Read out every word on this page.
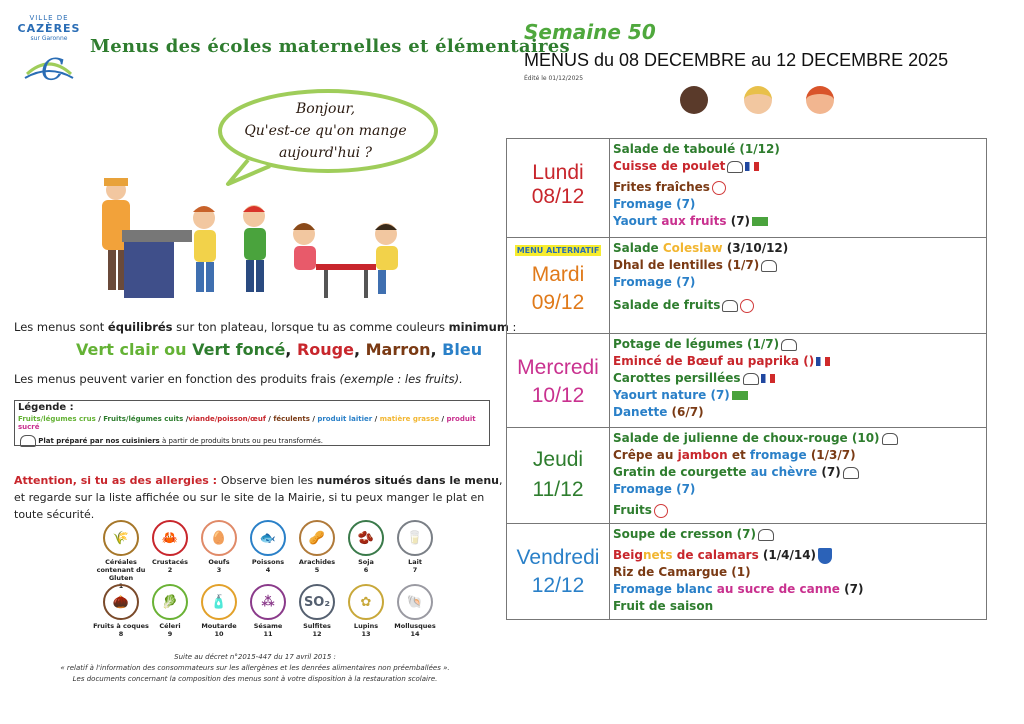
VILLE DE
CAZÈRES
sur Garonne
C
Menus des écoles maternelles et élémentaires
Semaine 50
MENUS du 08 DECEMBRE au 12 DECEMBRE 2025
Édité le 01/12/2025
Bonjour,
Qu'est-ce qu'on mange
aujourd'hui ?
Les menus sont équilibrés sur ton plateau, lorsque tu as comme couleurs minimum :
Vert clair ou Vert foncé, Rouge, Marron, Bleu
Les menus peuvent varier en fonction des produits frais (exemple : les fruits).
Légende :
Fruits/légumes crus / Fruits/légumes cuits /viande/poisson/œuf / féculents / produit laitier / matière grasse / produit sucré
Plat préparé par nos cuisiniers à partir de produits bruts ou peu transformés.
Attention, si tu as des allergies : Observe bien les numéros situés dans le menu,
et regarde sur la liste affichée ou sur le site de la Mairie, si tu peux manger le plat en toute sécurité.
🌾
Céréales contenant du Gluten
1
🦀
Crustacés
2
🥚
Oeufs
3
🐟
Poissons
4
🥜
Arachides
5
🫘
Soja
6
🥛
Lait
7
🌰
Fruits à coques
8
🥬
Céleri
9
🧴
Moutarde
10
⁂
Sésame
11
SO₂
Sulfites
12
✿
Lupins
13
🐚
Mollusques
14
Suite au décret n°2015-447 du 17 avril 2015 :
« relatif à l'information des consommateurs sur les allergènes et les denrées alimentaires non préemballées ».
Les documents concernant la composition des menus sont à votre disposition à la restauration scolaire.
Lundi
08/12
Salade de taboulé (1/12)
Cuisse de poulet
Frites fraîches
Fromage (7)
Yaourt aux fruits (7)
MENU ALTERNATIF
Mardi
09/12
Salade Coleslaw (3/10/12)
Dhal de lentilles (1/7)
Fromage (7)
Salade de fruits
Mercredi
10/12
Potage de légumes (1/7)
Emincé de Bœuf au paprika ()
Carottes persillées
Yaourt nature (7)
Danette (6/7)
Jeudi
11/12
Salade de julienne de choux-rouge (10)
Crêpe au jambon et fromage (1/3/7)
Gratin de courgette au chèvre (7)
Fromage (7)
Fruits
Vendredi
12/12
Soupe de cresson (7)
Beignets de calamars (1/4/14)
Riz de Camargue (1)
Fromage blanc au sucre de canne (7)
Fruit de saison
